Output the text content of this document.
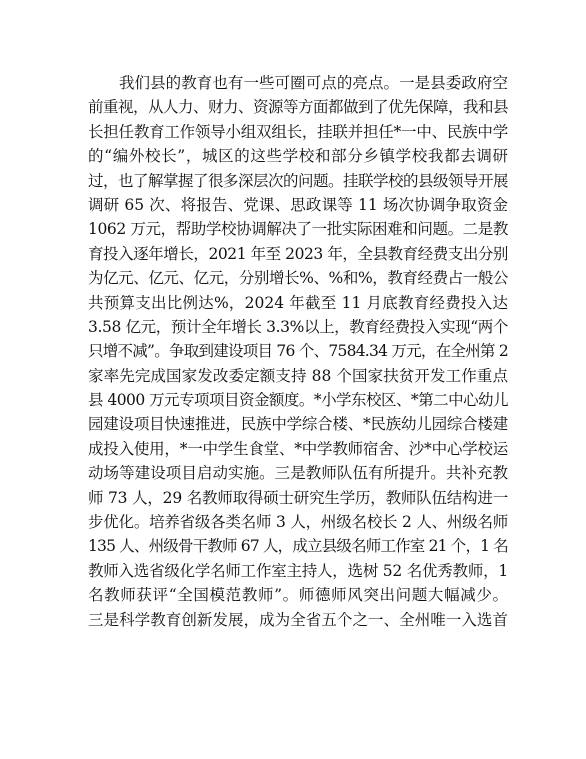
我们县的教育也有一些可圈可点的亮点。一是县委政府空
前重视，从人力、财力、资源等方面都做到了优先保障，我和县
长担任教育工作领导小组双组长，挂联并担任*一中、民族中学
的“编外校长”，城区的这些学校和部分乡镇学校我都去调研
过，也了解掌握了很多深层次的问题。挂联学校的县级领导开展
调研 65 次、将报告、党课、思政课等 11 场次协调争取资金
1062 万元，帮助学校协调解决了一批实际困难和问题。二是教
育投入逐年增长，2021 年至 2023 年，全县教育经费支出分别
为亿元、亿元、亿元，分别增长%、%和%，教育经费占一般公
共预算支出比例达%，2024 年截至 11 月底教育经费投入达
3.58 亿元，预计全年增长 3.3%以上，教育经费投入实现“两个
只增不减”。争取到建设项目 76 个、7584.34 万元，在全州第 2
家率先完成国家发改委定额支持 88 个国家扶贫开发工作重点
县 4000 万元专项项目资金额度。*小学东校区、*第二中心幼儿
园建设项目快速推进，民族中学综合楼、*民族幼儿园综合楼建
成投入使用，*一中学生食堂、*中学教师宿舍、沙*中心学校运
动场等建设项目启动实施。三是教师队伍有所提升。共补充教
师 73 人，29 名教师取得硕士研究生学历，教师队伍结构进一
步优化。培养省级各类名师 3 人，州级名校长 2 人、州级名师
135 人、州级骨干教师 67 人，成立县级名师工作室 21 个，1 名
教师入选省级化学名师工作室主持人，选树 52 名优秀教师，1
名教师获评“全国模范教师”。师德师风突出问题大幅减少。
三是科学教育创新发展，成为全省五个之一、全州唯一入选首
